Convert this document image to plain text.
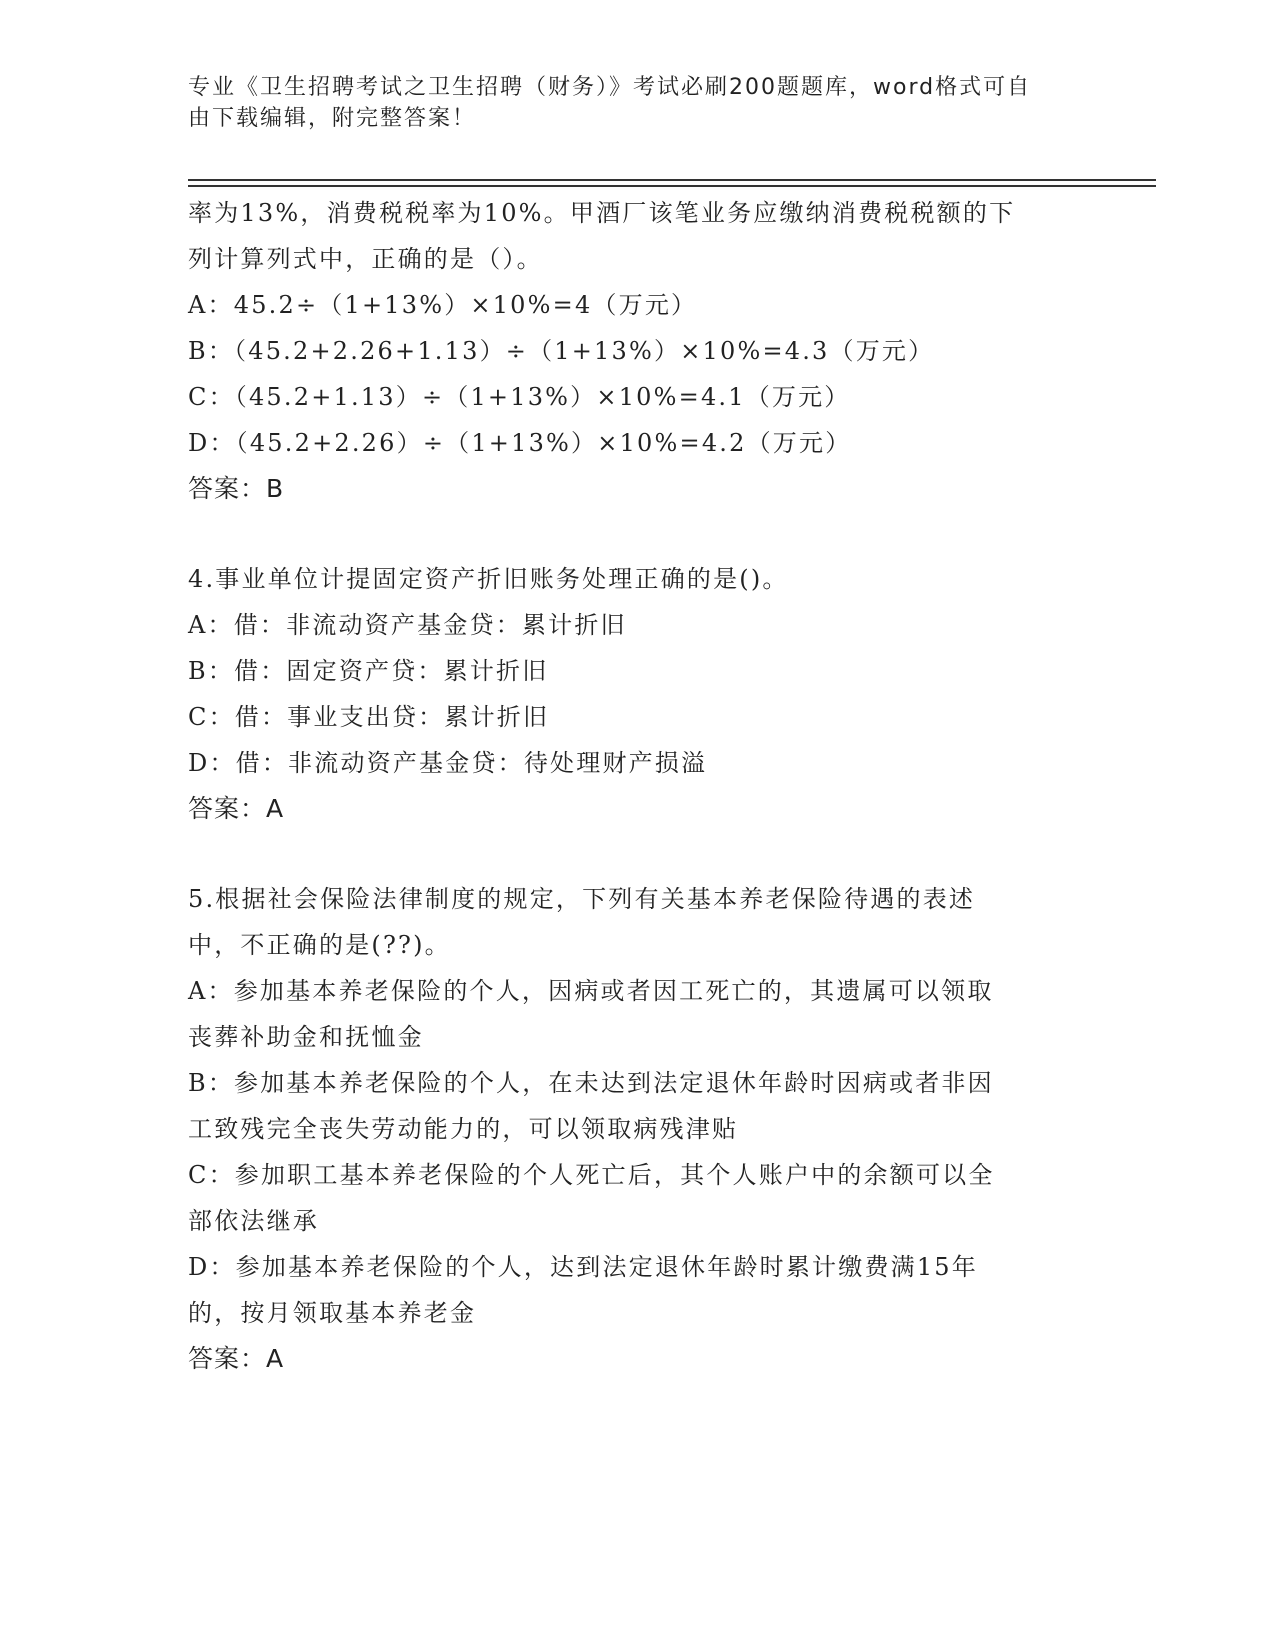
专业《卫生招聘考试之卫生招聘（财务）》考试必刷200题题库，word格式可自
由下载编辑，附完整答案！
率为13%，消费税税率为10%。甲酒厂该笔业务应缴纳消费税税额的下
列计算列式中，正确的是（）。
A：45.2÷（1+13%）×10%=4（万元）
B：（45.2+2.26+1.13）÷（1+13%）×10%=4.3（万元）
C：（45.2+1.13）÷（1+13%）×10%=4.1（万元）
D：（45.2+2.26）÷（1+13%）×10%=4.2（万元）
答案：B
4.事业单位计提固定资产折旧账务处理正确的是()。
A：借：非流动资产基金贷：累计折旧
B：借：固定资产贷：累计折旧
C：借：事业支出贷：累计折旧
D：借：非流动资产基金贷：待处理财产损溢
答案：A
5.根据社会保险法律制度的规定，下列有关基本养老保险待遇的表述
中，不正确的是(??)。
A：参加基本养老保险的个人，因病或者因工死亡的，其遗属可以领取
丧葬补助金和抚恤金
B：参加基本养老保险的个人，在未达到法定退休年龄时因病或者非因
工致残完全丧失劳动能力的，可以领取病残津贴
C：参加职工基本养老保险的个人死亡后，其个人账户中的余额可以全
部依法继承
D：参加基本养老保险的个人，达到法定退休年龄时累计缴费满15年
的，按月领取基本养老金
答案：A
